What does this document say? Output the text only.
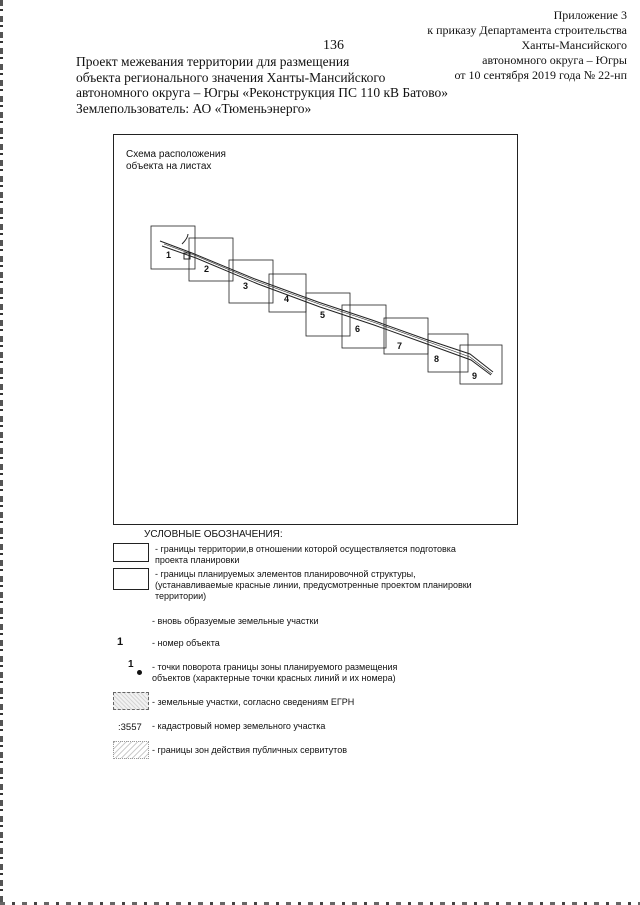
Приложение 3
к приказу Департамента строительства
Ханты-Мансийского
автономного округа – Югры
от 10 сентября 2019 года № 22-нп
136
Проект межевания территории для размещения
объекта регионального значения Ханты-Мансийского
автономного округа – Югры «Реконструкция ПС 110 кВ Батово»
Землепользователь: АО «Тюменьэнерго»
Схема расположения
объекта на листах
1
2
3
4
5
6
7
8
9
УСЛОВНЫЕ ОБОЗНАЧЕНИЯ:
- границы территории,в отношении которой осуществляется подготовка
проекта планировки
- границы планируемых элементов планировочной структуры,
(устанавливаемые красные линии, предусмотренные проектом планировки
территории)
- вновь образуемые земельные участки
1	- номер объекта
1 - точки поворота границы зоны планируемого размещения
объектов (характерные точки красных линий и их номера)
- земельные участки, согласно сведениям ЕГРН
:3557 - кадастровый номер земельного участка
- границы зон действия публичных сервитутов
